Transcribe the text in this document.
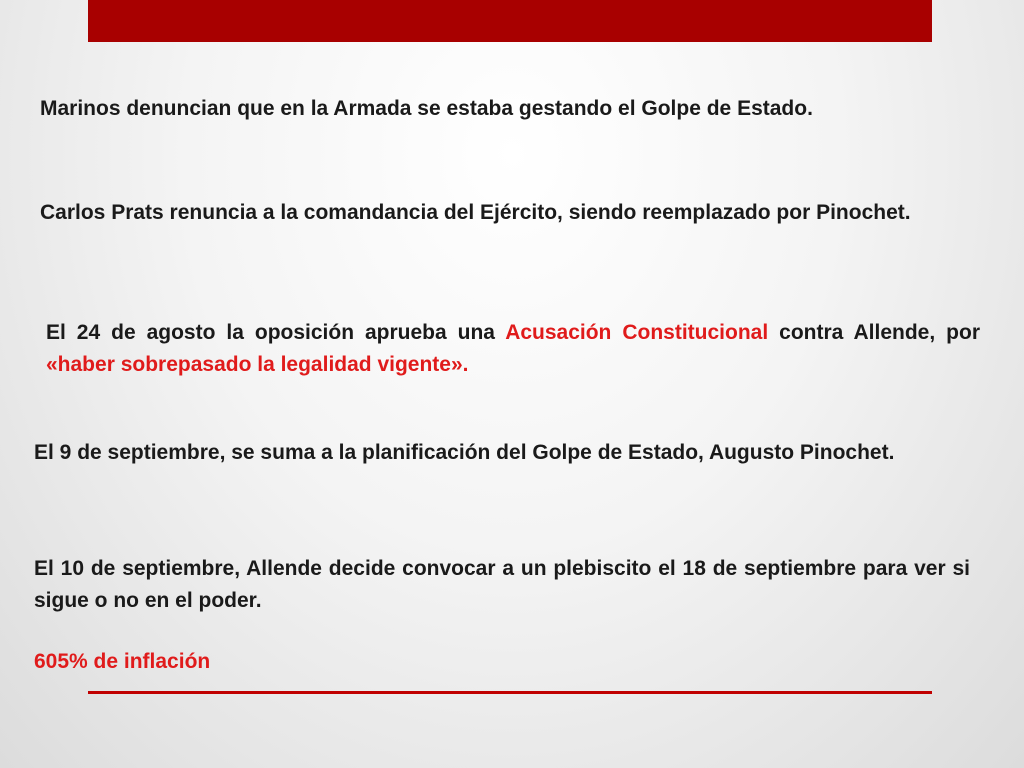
Marinos denuncian que en la Armada se estaba gestando el Golpe de Estado.

Carlos Prats renuncia a la comandancia del Ejército, siendo reemplazado por Pinochet.

El 24 de agosto la oposición aprueba una Acusación Constitucional contra Allende, por «haber sobrepasado la legalidad vigente».

El 9 de septiembre, se suma a la planificación del Golpe de Estado, Augusto Pinochet.

El 10 de septiembre, Allende decide convocar a un plebiscito el 18 de septiembre para ver si sigue o no en el poder.

605% de inflación
